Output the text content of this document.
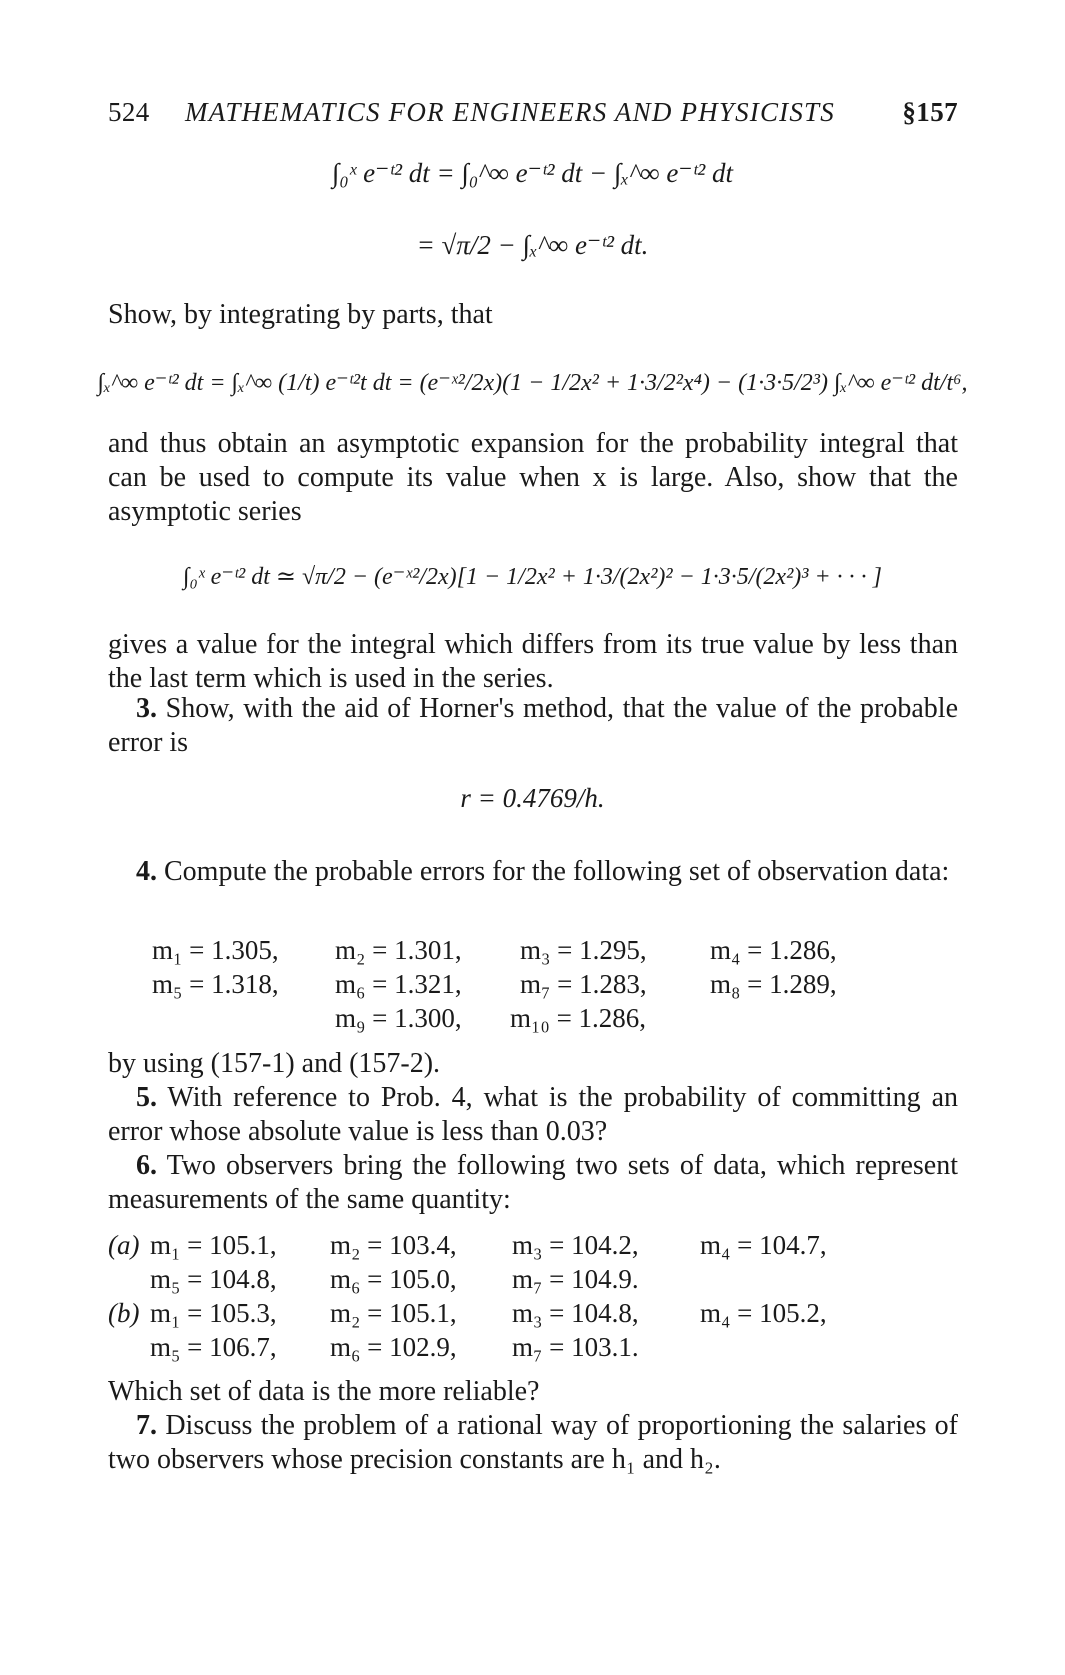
524 MATHEMATICS FOR ENGINEERS AND PHYSICISTS §157
∫₀ˣ e⁻ᵗ² dt = ∫₀^∞ e⁻ᵗ² dt − ∫ₓ^∞ e⁻ᵗ² dt
= √π/2 − ∫ₓ^∞ e⁻ᵗ² dt.

Show, by integrating by parts, that

∫ₓ^∞ e⁻ᵗ² dt = ∫ₓ^∞ (1/t) e⁻ᵗ²t dt = (e⁻ˣ²/2x)(1 − 1/2x² + 1·3/2²x⁴) − (1·3·5/2³) ∫ₓ^∞ e⁻ᵗ² dt/t⁶,

and thus obtain an asymptotic expansion for the probability integral that can be used to compute its value when x is large. Also, show that the asymptotic series

∫₀ˣ e⁻ᵗ² dt ≃ √π/2 − (e⁻ˣ²/2x)[1 − 1/2x² + 1·3/(2x²)² − 1·3·5/(2x²)³ + · · · ]

gives a value for the integral which differs from its true value by less than the last term which is used in the series.

3. Show, with the aid of Horner's method, that the value of the probable error is

r = 0.4769/h.

4. Compute the probable errors for the following set of observation data:

m₁ = 1.305, m₂ = 1.301, m₃ = 1.295, m₄ = 1.286,
m₅ = 1.318, m₆ = 1.321, m₇ = 1.283, m₈ = 1.289,
m₉ = 1.300, m₁₀ = 1.286,

by using (157-1) and (157-2).

5. With reference to Prob. 4, what is the probability of committing an error whose absolute value is less than 0.03?

6. Two observers bring the following two sets of data, which represent measurements of the same quantity:

(a) m₁ = 105.1, m₂ = 103.4, m₃ = 104.2, m₄ = 104.7,
m₅ = 104.8, m₆ = 105.0, m₇ = 104.9.
(b) m₁ = 105.3, m₂ = 105.1, m₃ = 104.8, m₄ = 105.2,
m₅ = 106.7, m₆ = 102.9, m₇ = 103.1.

Which set of data is the more reliable?

7. Discuss the problem of a rational way of proportioning the salaries of two observers whose precision constants are h₁ and h₂.
